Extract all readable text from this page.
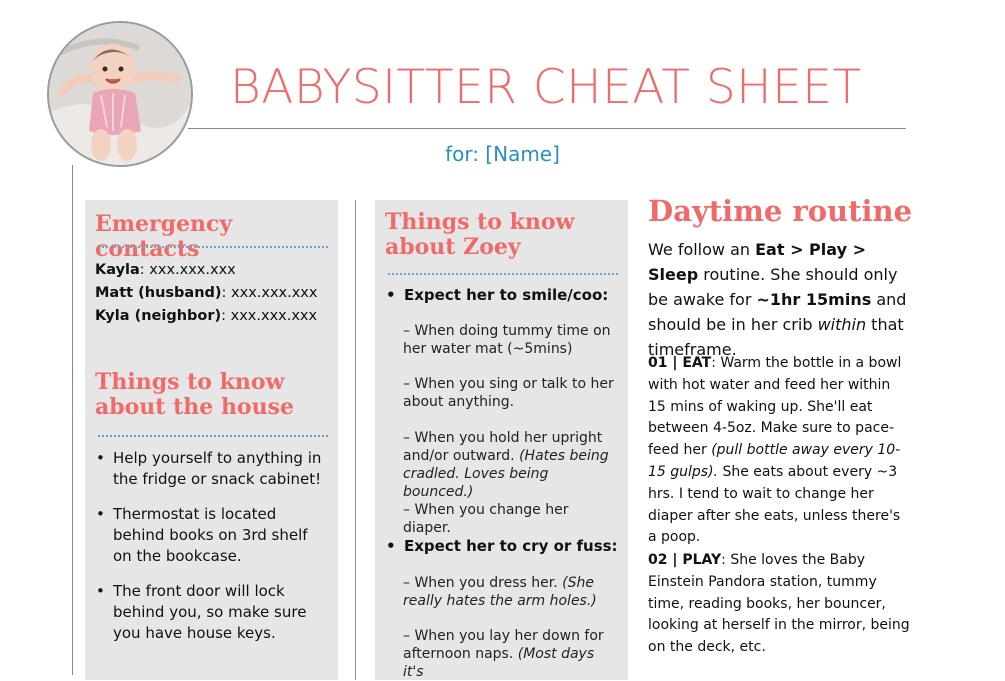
BABYSITTER CHEAT SHEET
for: [Name]
Emergency contacts
Kayla: xxx.xxx.xxx
Matt (husband): xxx.xxx.xxx
Kyla (neighbor): xxx.xxx.xxx
Things to know
about the house
• Help yourself to anything in the fridge or snack cabinet!
• Thermostat is located behind books on 3rd shelf on the bookcase.
• The front door will lock behind you, so make sure you have house keys.
Things to know
about Zoey
• Expect her to smile/coo:
– When doing tummy time on her water mat (~5mins)
– When you sing or talk to her about anything.
– When you hold her upright and/or outward. (Hates being cradled. Loves being bounced.)
– When you change her diaper.
• Expect her to cry or fuss:
– When you dress her. (She really hates the arm holes.)
– When you lay her down for afternoon naps. (Most days it's
Daytime routine
We follow an Eat > Play > Sleep routine. She should only be awake for ~1hr 15mins and should be in her crib within that timeframe.
01 | EAT: Warm the bottle in a bowl with hot water and feed her within 15 mins of waking up. She'll eat between 4-5oz. Make sure to pace-feed her (pull bottle away every 10-15 gulps). She eats about every ~3 hrs. I tend to wait to change her diaper after she eats, unless there's a poop.
02 | PLAY: She loves the Baby Einstein Pandora station, tummy time, reading books, her bouncer, looking at herself in the mirror, being on the deck, etc.
